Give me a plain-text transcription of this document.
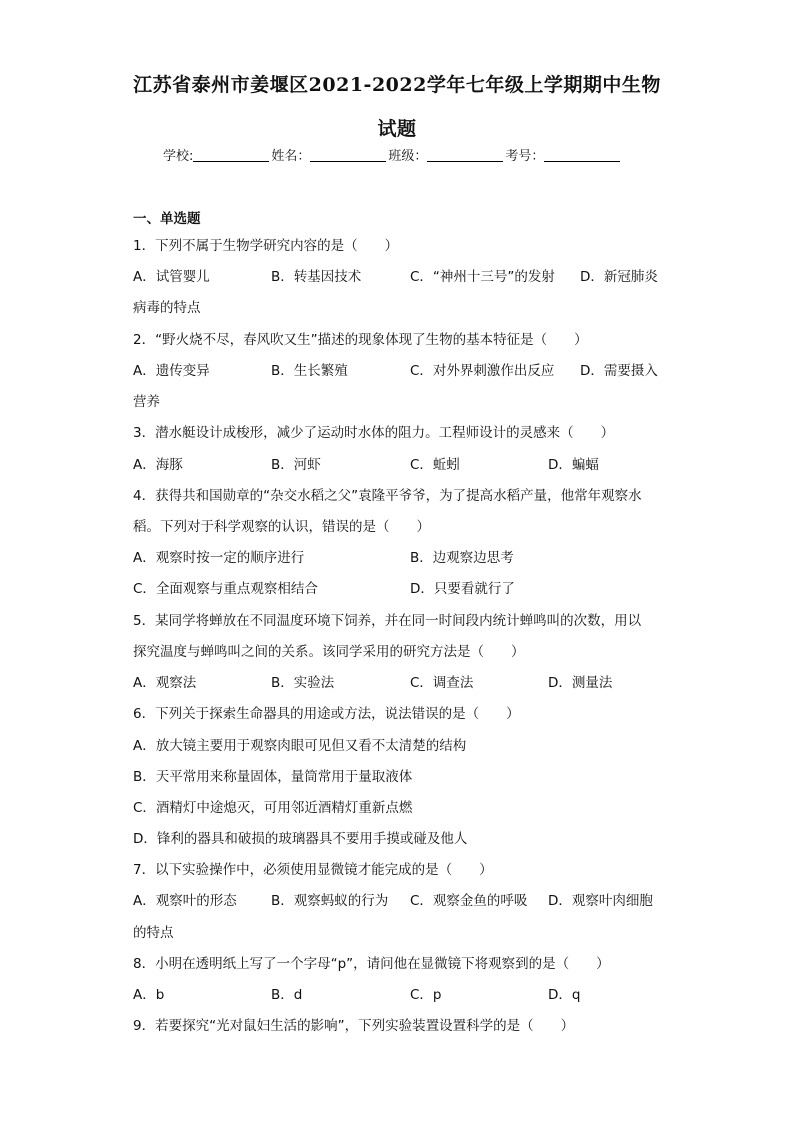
江苏省泰州市姜堰区2021-2022学年七年级上学期期中生物
试题
学校:	姓名：	班级：	考号：
一、单选题
1．下列不属于生物学研究内容的是（　　）
A．试管婴儿	B．转基因技术	C．“神州十三号”的发射 D．新冠肺炎
病毒的特点
2．“野火烧不尽，春风吹又生”描述的现象体现了生物的基本特征是（　　）
A．遗传变异	B．生长繁殖	C．对外界刺激作出反应 D．需要摄入
营养
3．潜水艇设计成梭形，减少了运动时水体的阻力。工程师设计的灵感来（　　）
A．海豚	B．河虾	C．蚯蚓	D．蝙蝠
4．获得共和国勋章的“杂交水稻之父”袁隆平爷爷，为了提高水稻产量，他常年观察水
稻。下列对于科学观察的认识，错误的是（　　）
A．观察时按一定的顺序进行	B．边观察边思考
C．全面观察与重点观察相结合	D．只要看就行了
5．某同学将蝉放在不同温度环境下饲养，并在同一时间段内统计蝉鸣叫的次数，用以
探究温度与蝉鸣叫之间的关系。该同学采用的研究方法是（　　）
A．观察法	B．实验法	C．调查法	D．测量法
6．下列关于探索生命器具的用途或方法，说法错误的是（　　）
A．放大镜主要用于观察肉眼可见但又看不太清楚的结构
B．天平常用来称量固体，量筒常用于量取液体
C．酒精灯中途熄灭，可用邻近酒精灯重新点燃
D．锋利的器具和破损的玻璃器具不要用手摸或碰及他人
7．以下实验操作中，必须使用显微镜才能完成的是（　　）
A．观察叶的形态	B．观察蚂蚁的行为 C．观察金鱼的呼吸 D．观察叶肉细胞
的特点
8．小明在透明纸上写了一个字母“p”，请问他在显微镜下将观察到的是（　　）
A．b	B．d	C．p	D．q
9．若要探究“光对鼠妇生活的影响”，下列实验装置设置科学的是（　　）
